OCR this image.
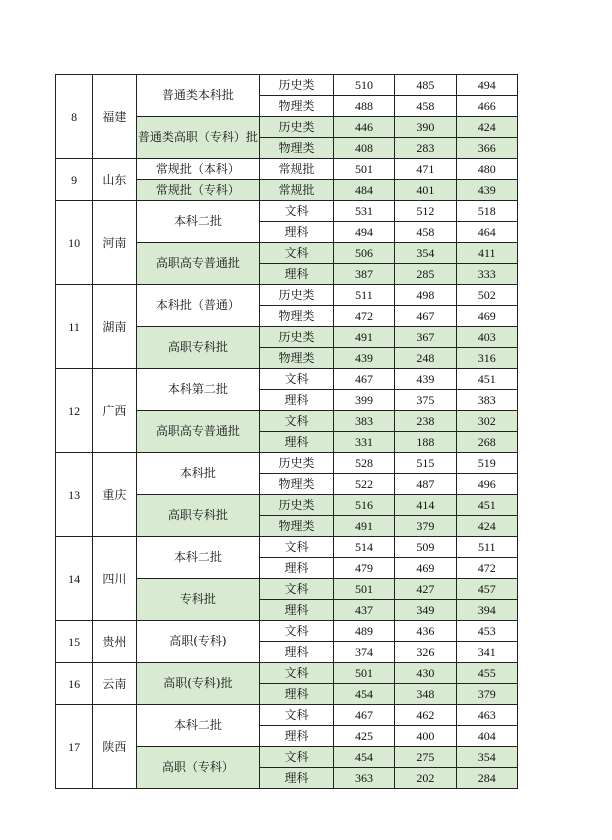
8	福建	普通类本科批	历史类	510	485	494
			物理类	488	458	466
		普通类高职（专科）批	历史类	446	390	424
			物理类	408	283	366
9	山东	常规批（本科）	常规批	501	471	480
		常规批（专科）	常规批	484	401	439
10	河南	本科二批	文科	531	512	518
			理科	494	458	464
		高职高专普通批	文科	506	354	411
			理科	387	285	333
11	湖南	本科批（普通）	历史类	511	498	502
			物理类	472	467	469
		高职专科批	历史类	491	367	403
			物理类	439	248	316
12	广西	本科第二批	文科	467	439	451
			理科	399	375	383
		高职高专普通批	文科	383	238	302
			理科	331	188	268
13	重庆	本科批	历史类	528	515	519
			物理类	522	487	496
		高职专科批	历史类	516	414	451
			物理类	491	379	424
14	四川	本科二批	文科	514	509	511
			理科	479	469	472
		专科批	文科	501	427	457
			理科	437	349	394
15	贵州	高职(专科)	文科	489	436	453
			理科	374	326	341
16	云南	高职(专科)批	文科	501	430	455
			理科	454	348	379
17	陕西	本科二批	文科	467	462	463
			理科	425	400	404
		高职（专科）	文科	454	275	354
			理科	363	202	284
